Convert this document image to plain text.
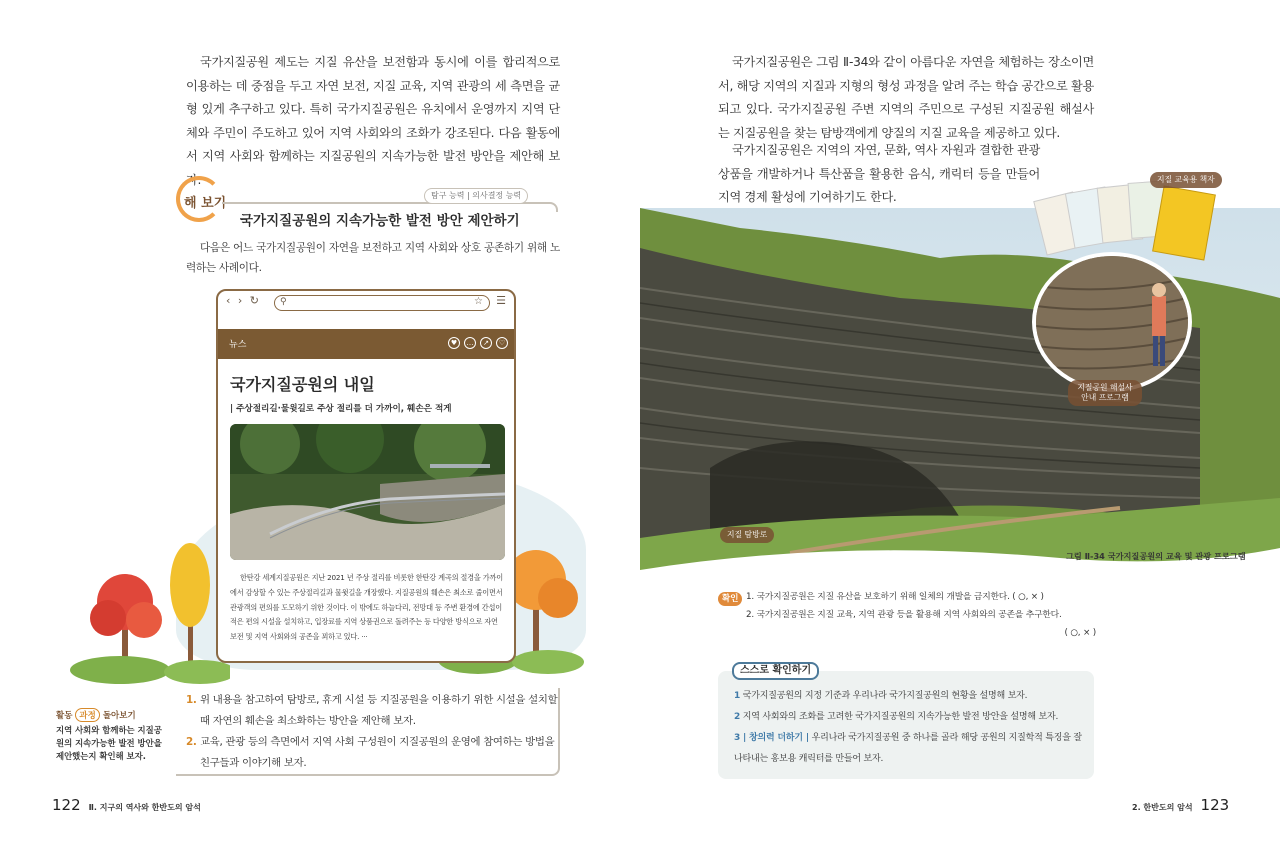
국가지질공원 제도는 지질 유산을 보전함과 동시에 이를 합리적으로 이용하는 데 중점을 두고 자연 보전, 지질 교육, 지역 관광의 세 측면을 균형 있게 추구하고 있다. 특히 국가지질공원은 유치에서 운영까지 지역 단체와 주민이 주도하고 있어 지역 사회와의 조화가 강조된다. 다음 활동에서 지역 사회와 함께하는 지질공원의 지속가능한 발전 방안을 제안해 보자.

해 보기
탐구 능력 | 의사결정 능력
국가지질공원의 지속가능한 발전 방안 제안하기

다음은 어느 국가지질공원이 자연을 보전하고 지역 사회와 상호 공존하기 위해 노력하는 사례이다.

‹ › ↻ ⚲	☆ ☰
뉴스	♥	…	↗	♡
국가지질공원의 내일
| 주상절리길·물윗길로 주상 절리를 더 가까이, 훼손은 적게

한탄강 세계지질공원은 지난 2021 년 주상 절리를 비롯한 한탄강 계곡의 절경을 가까이에서 감상할 수 있는 주상절리길과 물윗길을 개장했다. 지질공원의 훼손은 최소로 줄이면서 관광객의 편의를 도모하기 위한 것이다. 이 밖에도 하늘다리, 전망대 등 주변 환경에 간섭이 적은 편의 시설을 설치하고, 입장료를 지역 상품권으로 돌려주는 등 다양한 방식으로 자연 보전 및 지역 사회와의 공존을 꾀하고 있다. ···

1. 위 내용을 참고하여 탐방로, 휴게 시설 등 지질공원을 이용하기 위한 시설을 설치할 때 자연의 훼손을 최소화하는 방안을 제안해 보자.
2. 교육, 관광 등의 측면에서 지역 사회 구성원이 지질공원의 운영에 참여하는 방법을 친구들과 이야기해 보자.
활동 과정 돌아보기

지역 사회와 함께하는 지질공원의 지속가능한 발전 방안을 제안했는지 확인해 보자.

122 Ⅱ. 지구의 역사와 한반도의 암석

국가지질공원은 그림 Ⅱ-34와 같이 아름다운 자연을 체험하는 장소이면서, 해당 지역의 지질과 지형의 형성 과정을 알려 주는 학습 공간으로 활용되고 있다. 국가지질공원 주변 지역의 주민으로 구성된 지질공원 해설사는 지질공원을 찾는 탐방객에게 양질의 지질 교육을 제공하고 있다.

국가지질공원은 지역의 자연, 문화, 역사 자원과 결합한 관광 상품을 개발하거나 특산품을 활용한 음식, 캐릭터 등을 만들어 지역 경제 활성에 기여하기도 한다.

지질 교육용 책자
지질공원 해설사 안내 프로그램
지질 탐방로
그림 Ⅱ-34 국가지질공원의 교육 및 관광 프로그램
확인 1. 국가지질공원은 지질 유산을 보호하기 위해 일체의 개발을 금지한다. ( ○, × )
2. 국가지질공원은 지질 교육, 지역 관광 등을 활용해 지역 사회와의 공존을 추구한다.
( ○, × )
스스로 확인하기
1 국가지질공원의 지정 기준과 우리나라 국가지질공원의 현황을 설명해 보자.
2 지역 사회와의 조화를 고려한 국가지질공원의 지속가능한 발전 방안을 설명해 보자.
3 | 창의력 더하기 | 우리나라 국가지질공원 중 하나를 골라 해당 공원의 지질학적 특징을 잘 나타내는 홍보용 캐릭터를 만들어 보자.
2. 한반도의 암석 123
